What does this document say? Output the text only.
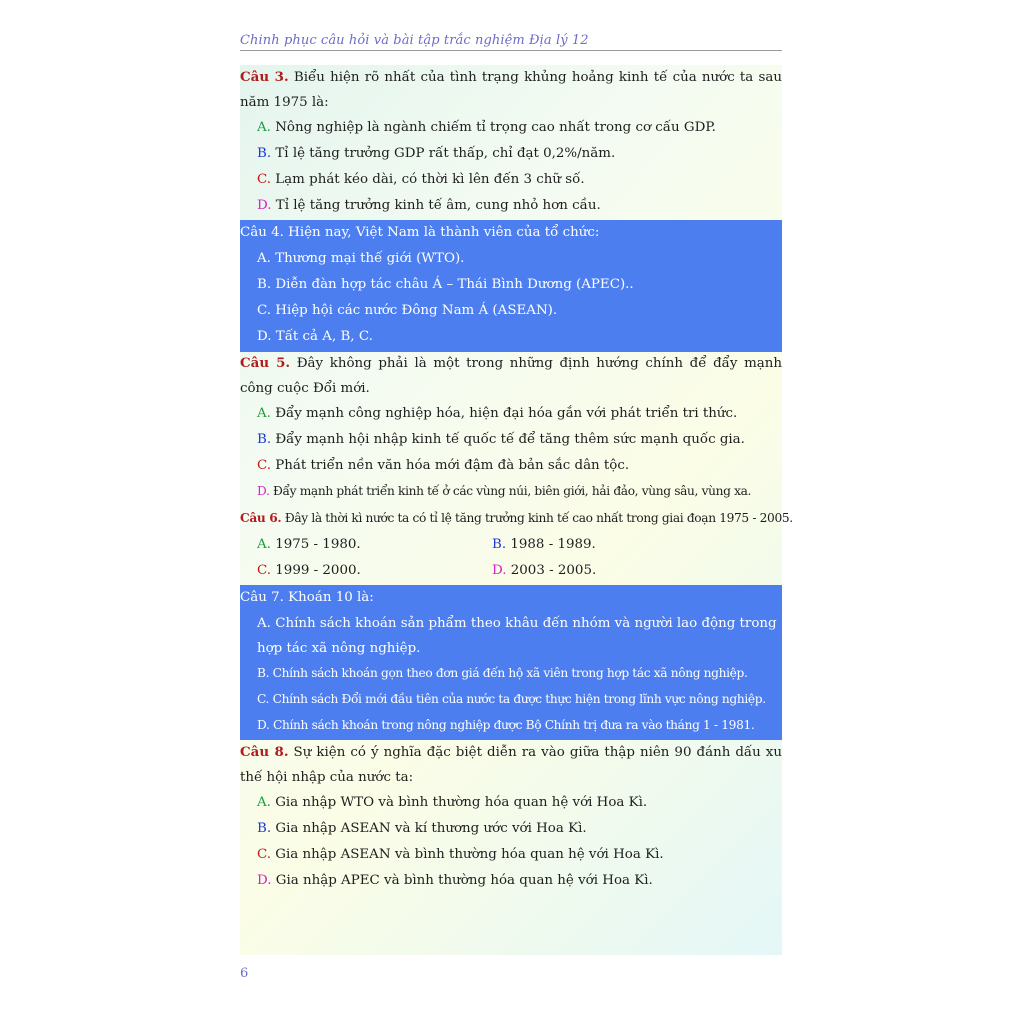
Chinh phục câu hỏi và bài tập trắc nghiệm Địa lý 12
Câu 3. Biểu hiện rõ nhất của tình trạng khủng hoảng kinh tế của nước ta sau năm 1975 là:
A. Nông nghiệp là ngành chiếm tỉ trọng cao nhất trong cơ cấu GDP.
B. Tỉ lệ tăng trưởng GDP rất thấp, chỉ đạt 0,2%/năm.
C. Lạm phát kéo dài, có thời kì lên đến 3 chữ số.
D. Tỉ lệ tăng trưởng kinh tế âm, cung nhỏ hơn cầu.
Câu 4. Hiện nay, Việt Nam là thành viên của tổ chức:
A. Thương mại thế giới (WTO).
B. Diễn đàn hợp tác châu Á – Thái Bình Dương (APEC)..
C. Hiệp hội các nước Đông Nam Á (ASEAN).
D. Tất cả A, B, C.
Câu 5. Đây không phải là một trong những định hướng chính để đẩy mạnh công cuộc Đổi mới.
A. Đẩy mạnh công nghiệp hóa, hiện đại hóa gắn với phát triển tri thức.
B. Đẩy mạnh hội nhập kinh tế quốc tế để tăng thêm sức mạnh quốc gia.
C. Phát triển nền văn hóa mới đậm đà bản sắc dân tộc.
D. Đẩy mạnh phát triển kinh tế ở các vùng núi, biên giới, hải đảo, vùng sâu, vùng xa.
Câu 6. Đây là thời kì nước ta có tỉ lệ tăng trưởng kinh tế cao nhất trong giai đoạn 1975 - 2005.
A. 1975 - 1980.	B. 1988 - 1989.
C. 1999 - 2000.	D. 2003 - 2005.
Câu 7. Khoán 10 là:
A. Chính sách khoán sản phẩm theo khâu đến nhóm và người lao động trong hợp tác xã nông nghiệp.
B. Chính sách khoán gọn theo đơn giá đến hộ xã viên trong hợp tác xã nông nghiệp.
C. Chính sách Đổi mới đầu tiên của nước ta được thực hiện trong lĩnh vực nông nghiệp.
D. Chính sách khoán trong nông nghiệp được Bộ Chính trị đưa ra vào tháng 1 - 1981.
Câu 8. Sự kiện có ý nghĩa đặc biệt diễn ra vào giữa thập niên 90 đánh dấu xu thế hội nhập của nước ta:
A. Gia nhập WTO và bình thường hóa quan hệ với Hoa Kì.
B. Gia nhập ASEAN và kí thương ước với Hoa Kì.
C. Gia nhập ASEAN và bình thường hóa quan hệ với Hoa Kì.
D. Gia nhập APEC và bình thường hóa quan hệ với Hoa Kì.
6
